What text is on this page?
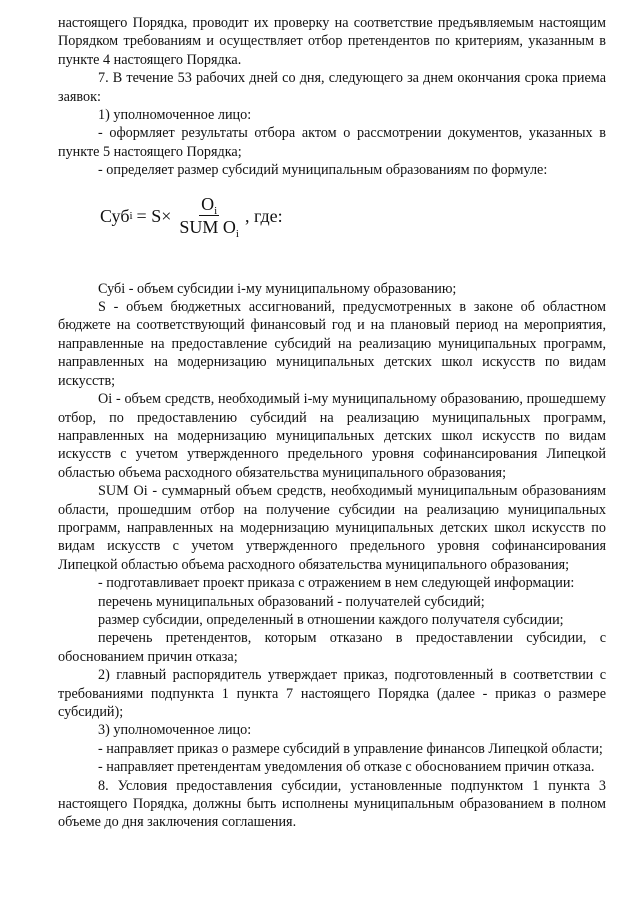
настоящего Порядка, проводит их проверку на соответствие предъявляемым настоящим Порядком требованиям и осуществляет отбор претендентов по критериям, указанным в пункте 4 настоящего Порядка.

7. В течение 53 рабочих дней со дня, следующего за днем окончания срока приема заявок:

1) уполномоченное лицо:

- оформляет результаты отбора актом о рассмотрении документов, указанных в пункте 5 настоящего Порядка;

- определяет размер субсидий муниципальным образованиям по формуле:

Суб $i = S\times \frac{O_i}{SUM O_i}$ , где:

Субi - объем субсидии i-му муниципальному образованию;

S - объем бюджетных ассигнований, предусмотренных в законе об областном бюджете на соответствующий финансовый год и на плановый период на мероприятия, направленные на предоставление субсидий на реализацию муниципальных программ, направленных на модернизацию муниципальных детских школ искусств по видам искусств;

Oi - объем средств, необходимый i-му муниципальному образованию, прошедшему отбор, по предоставлению субсидий на реализацию муниципальных программ, направленных на модернизацию муниципальных детских школ искусств по видам искусств с учетом утвержденного предельного уровня софинансирования Липецкой областью объема расходного обязательства муниципального образования;

SUM Oi - суммарный объем средств, необходимый муниципальным образованиям области, прошедшим отбор на получение субсидии на реализацию муниципальных программ, направленных на модернизацию муниципальных детских школ искусств по видам искусств с учетом утвержденного предельного уровня софинансирования Липецкой областью объема расходного обязательства муниципального образования;

- подготавливает проект приказа с отражением в нем следующей информации:

перечень муниципальных образований - получателей субсидий;

размер субсидии, определенный в отношении каждого получателя субсидии;

перечень претендентов, которым отказано в предоставлении субсидии, с обоснованием причин отказа;

2) главный распорядитель утверждает приказ, подготовленный в соответствии с требованиями подпункта 1 пункта 7 настоящего Порядка (далее - приказ о размере субсидий);

3) уполномоченное лицо:

- направляет приказ о размере субсидий в управление финансов Липецкой области;

- направляет претендентам уведомления об отказе с обоснованием причин отказа.

8. Условия предоставления субсидии, установленные подпунктом 1 пункта 3 настоящего Порядка, должны быть исполнены муниципальным образованием в полном объеме до дня заключения соглашения.
